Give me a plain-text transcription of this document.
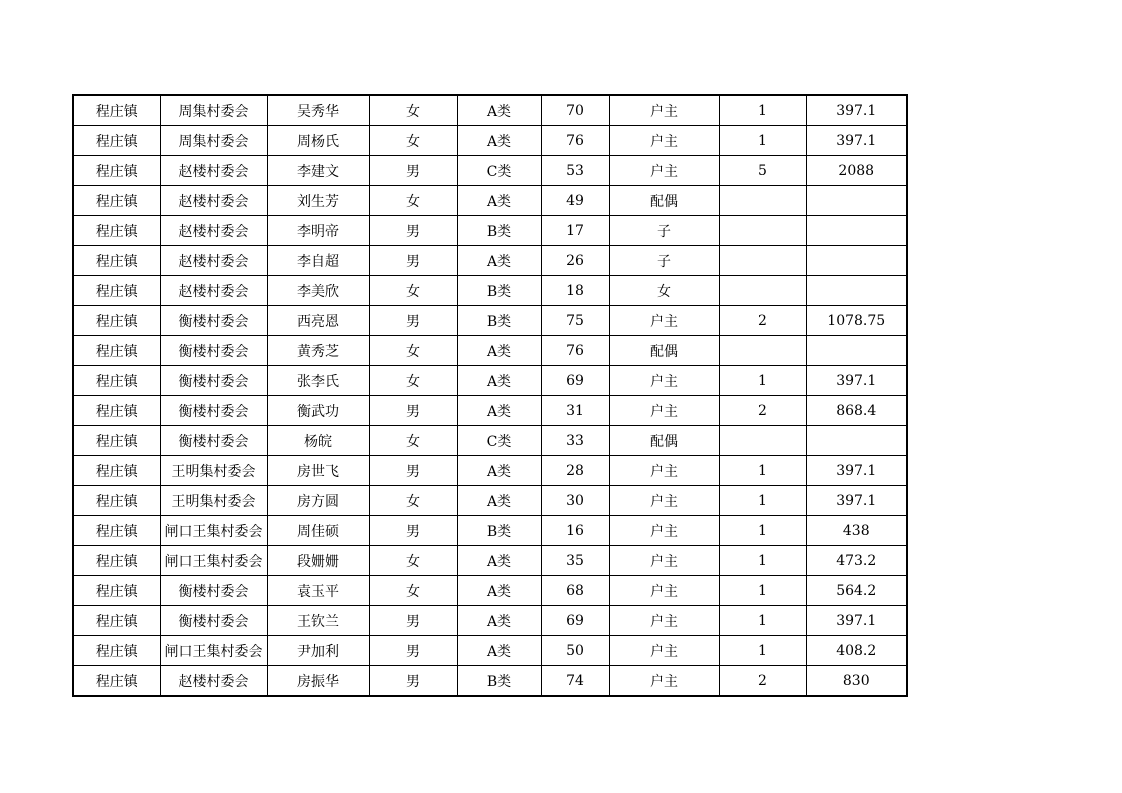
程庄镇	周集村委会	吴秀华	女	A类	70	户主	1	397.1
程庄镇	周集村委会	周杨氏	女	A类	76	户主	1	397.1
程庄镇	赵楼村委会	李建文	男	C类	53	户主	5	2088
程庄镇	赵楼村委会	刘生芳	女	A类	49	配偶		
程庄镇	赵楼村委会	李明帝	男	B类	17	子		
程庄镇	赵楼村委会	李自超	男	A类	26	子		
程庄镇	赵楼村委会	李美欣	女	B类	18	女		
程庄镇	衡楼村委会	西亮恩	男	B类	75	户主	2	1078.75
程庄镇	衡楼村委会	黄秀芝	女	A类	76	配偶		
程庄镇	衡楼村委会	张李氏	女	A类	69	户主	1	397.1
程庄镇	衡楼村委会	衡武功	男	A类	31	户主	2	868.4
程庄镇	衡楼村委会	杨皖	女	C类	33	配偶		
程庄镇	王明集村委会	房世飞	男	A类	28	户主	1	397.1
程庄镇	王明集村委会	房方圆	女	A类	30	户主	1	397.1
程庄镇	闸口王集村委会	周佳硕	男	B类	16	户主	1	438
程庄镇	闸口王集村委会	段姗姗	女	A类	35	户主	1	473.2
程庄镇	衡楼村委会	袁玉平	女	A类	68	户主	1	564.2
程庄镇	衡楼村委会	王钦兰	男	A类	69	户主	1	397.1
程庄镇	闸口王集村委会	尹加利	男	A类	50	户主	1	408.2
程庄镇	赵楼村委会	房振华	男	B类	74	户主	2	830
